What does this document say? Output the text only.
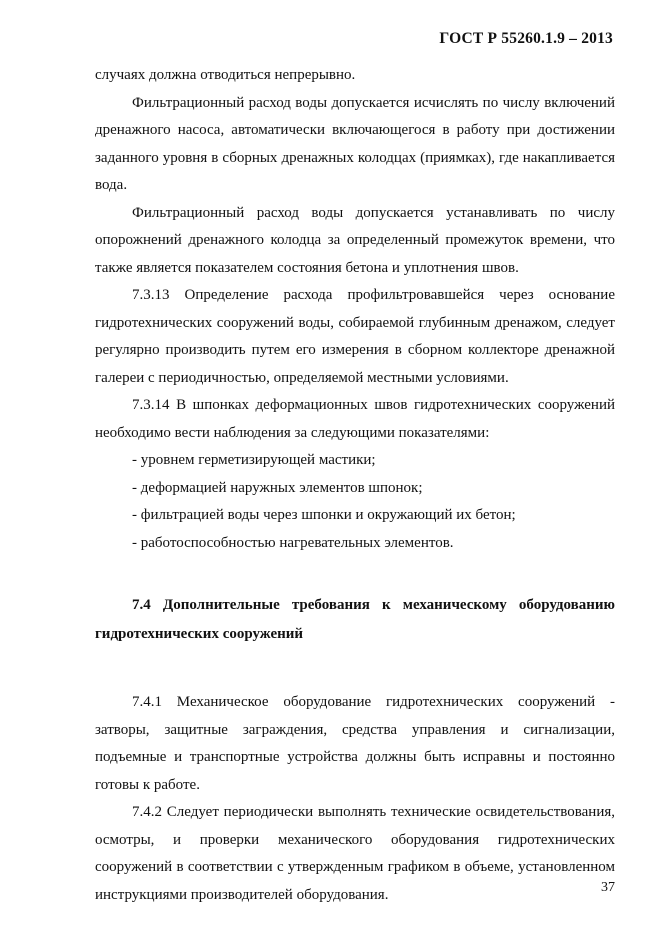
ГОСТ Р 55260.1.9 – 2013

случаях должна отводиться непрерывно.

Фильтрационный расход воды допускается исчислять по числу включений дренажного насоса, автоматически включающегося в работу при достижении заданного уровня в сборных дренажных колодцах (приямках), где накапливается вода.

Фильтрационный расход воды допускается устанавливать по числу опорожнений дренажного колодца за определенный промежуток времени, что также является показателем состояния бетона и уплотнения швов.

7.3.13 Определение расхода профильтровавшейся через основание гидротехнических сооружений воды, собираемой глубинным дренажом, следует регулярно производить путем его измерения в сборном коллекторе дренажной галереи с периодичностью, определяемой местными условиями.

7.3.14 В шпонках деформационных швов гидротехнических сооружений необходимо вести наблюдения за следующими показателями:

- уровнем герметизирующей мастики;

- деформацией наружных элементов шпонок;

- фильтрацией воды через шпонки и окружающий их бетон;

- работоспособностью нагревательных элементов.

7.4 Дополнительные требования к механическому оборудованию гидротехнических сооружений

7.4.1 Механическое оборудование гидротехнических сооружений - затворы, защитные заграждения, средства управления и сигнализации, подъемные и транспортные устройства должны быть исправны и постоянно готовы к работе.

7.4.2 Следует периодически выполнять технические освидетельствования, осмотры, и проверки механического оборудования гидротехнических сооружений в соответствии с утвержденным графиком в объеме, установленном инструкциями производителей оборудования.	37
